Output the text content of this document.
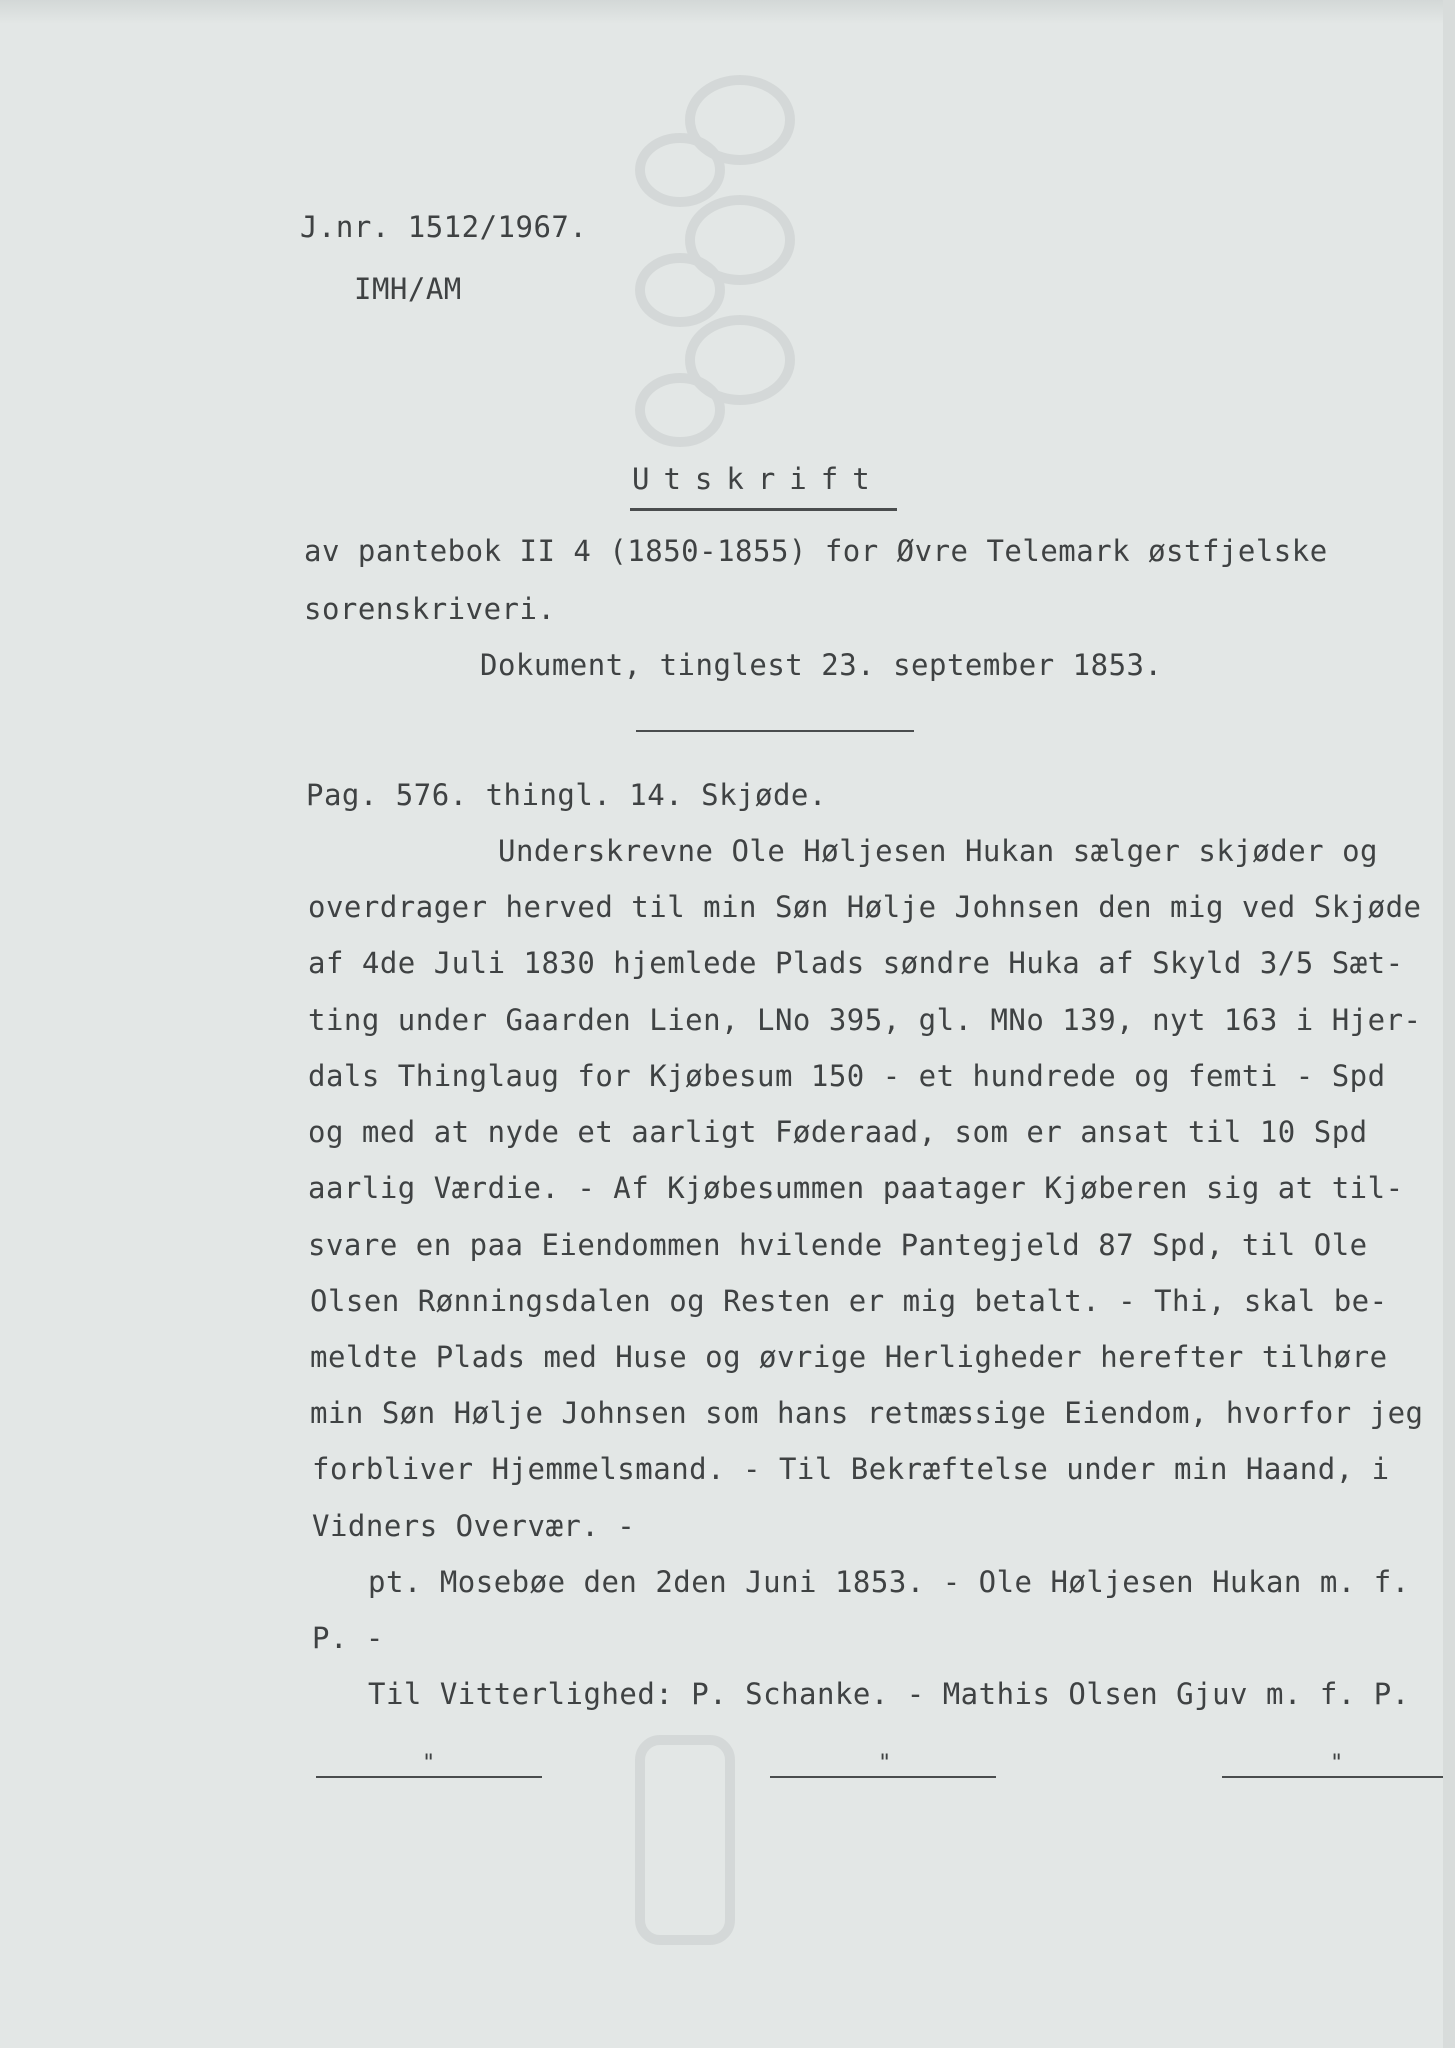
J.nr. 1512/1967.
IMH/AM
Utskrift
av pantebok II 4 (1850-1855) for Øvre Telemark østfjelske
sorenskriveri.
Dokument, tinglest 23. september 1853.
Pag. 576. thingl. 14. Skjøde.
Underskrevne Ole Høljesen Hukan sælger skjøder og
overdrager herved til min Søn Hølje Johnsen den mig ved Skjøde
af 4de Juli 1830 hjemlede Plads søndre Huka af Skyld 3/5 Sæt-
ting under Gaarden Lien, LNo 395, gl. MNo 139, nyt 163 i Hjer-
dals Thinglaug for Kjøbesum 150 - et hundrede og femti - Spd
og med at nyde et aarligt Føderaad, som er ansat til 10 Spd
aarlig Værdie. - Af Kjøbesummen paatager Kjøberen sig at til-
svare en paa Eiendommen hvilende Pantegjeld 87 Spd, til Ole
Olsen Rønningsdalen og Resten er mig betalt. - Thi, skal be-
meldte Plads med Huse og øvrige Herligheder herefter tilhøre
min Søn Hølje Johnsen som hans retmæssige Eiendom, hvorfor jeg
forbliver Hjemmelsmand. - Til Bekræftelse under min Haand, i
Vidners Overvær. -
pt. Mosebøe den 2den Juni 1853. - Ole Høljesen Hukan m. f.
P. -
Til Vitterlighed: P. Schanke. - Mathis Olsen Gjuv m. f. P.
"	"	"
